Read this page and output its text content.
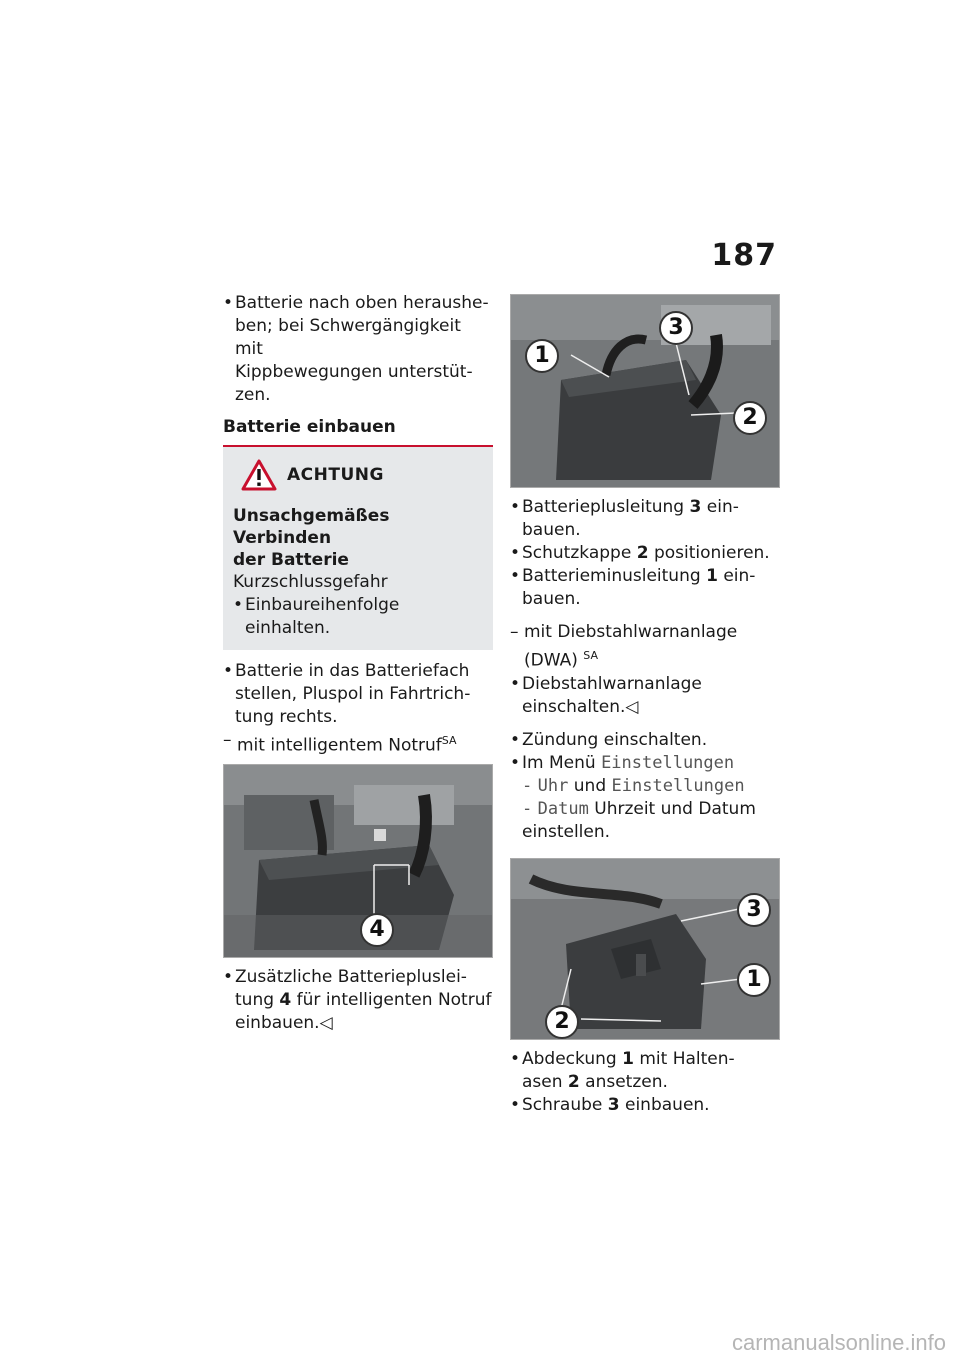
187
• Batterie nach oben heraushe-
ben; bei Schwergängigkeit mit
Kippbewegungen unterstüt-
zen.
Batterie einbauen
ACHTUNG
Unsachgemäßes Verbinden
der Batterie
Kurzschlussgefahr
• Einbaureihenfolge einhalten.
• Batterie in das Batteriefach
stellen, Pluspol in Fahrtrich-
tung rechts.
– mit intelligentem Notruf$^{SA}$
4
• Zusätzliche Batteriepluslei-
tung 4 für intelligenten Notruf
einbauen.◁
1
3
2
• Batterieplusleitung 3 ein-
bauen.
• Schutzkappe 2 positionieren.
• Batterieminusleitung 1 ein-
bauen.
– mit Diebstahlwarnanlage
(DWA) $^{SA}$
• Diebstahlwarnanlage
einschalten.◁
• Zündung einschalten.
• Im Menü Einstellungen
- Uhr und Einstellungen
- Datum Uhrzeit und Datum
einstellen.
3
1
2
• Abdeckung 1 mit Halten-
asen 2 ansetzen.
• Schraube 3 einbauen.
carmanualsonline.info
